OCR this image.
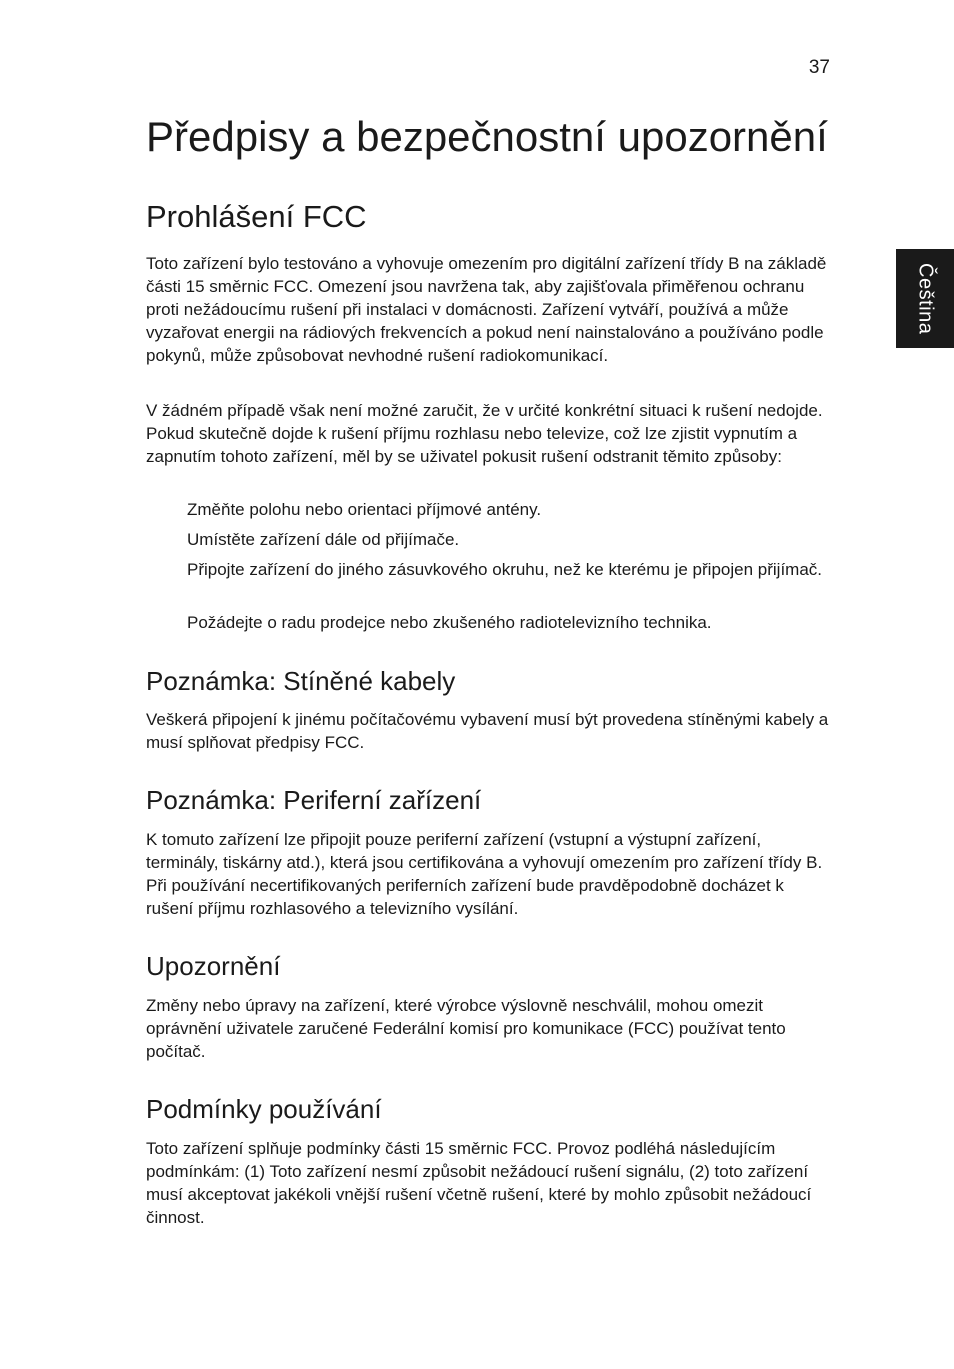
37
Čeština
Předpisy a bezpečnostní upozornění
Prohlášení FCC

Toto zařízení bylo testováno a vyhovuje omezením pro digitální zařízení třídy B na základě části 15 směrnic FCC. Omezení jsou navržena tak, aby zajišťovala přiměřenou ochranu proti nežádoucímu rušení při instalaci v domácnosti. Zařízení vytváří, používá a může vyzařovat energii na rádiových frekvencích a pokud není nainstalováno a používáno podle pokynů, může způsobovat nevhodné rušení radiokomunikací.

V žádném případě však není možné zaručit, že v určité konkrétní situaci k rušení nedojde. Pokud skutečně dojde k rušení příjmu rozhlasu nebo televize, což lze zjistit vypnutím a zapnutím tohoto zařízení, měl by se uživatel pokusit rušení odstranit těmito způsoby:

Změňte polohu nebo orientaci příjmové antény.

Umístěte zařízení dále od přijímače.

Připojte zařízení do jiného zásuvkového okruhu, než ke kterému je připojen přijímač.

Požádejte o radu prodejce nebo zkušeného radiotelevizního technika.

Poznámka: Stíněné kabely

Veškerá připojení k jinému počítačovému vybavení musí být provedena stíněnými kabely a musí splňovat předpisy FCC.

Poznámka: Periferní zařízení

K tomuto zařízení lze připojit pouze periferní zařízení (vstupní a výstupní zařízení, terminály, tiskárny atd.), která jsou certifikována a vyhovují omezením pro zařízení třídy B. Při používání necertifikovaných periferních zařízení bude pravděpodobně docházet k rušení příjmu rozhlasového a televizního vysílání.

Upozornění

Změny nebo úpravy na zařízení, které výrobce výslovně neschválil, mohou omezit oprávnění uživatele zaručené Federální komisí pro komunikace (FCC) používat tento počítač.

Podmínky používání

Toto zařízení splňuje podmínky části 15 směrnic FCC. Provoz podléhá následujícím podmínkám: (1) Toto zařízení nesmí způsobit nežádoucí rušení signálu, (2) toto zařízení musí akceptovat jakékoli vnější rušení včetně rušení, které by mohlo způsobit nežádoucí činnost.
